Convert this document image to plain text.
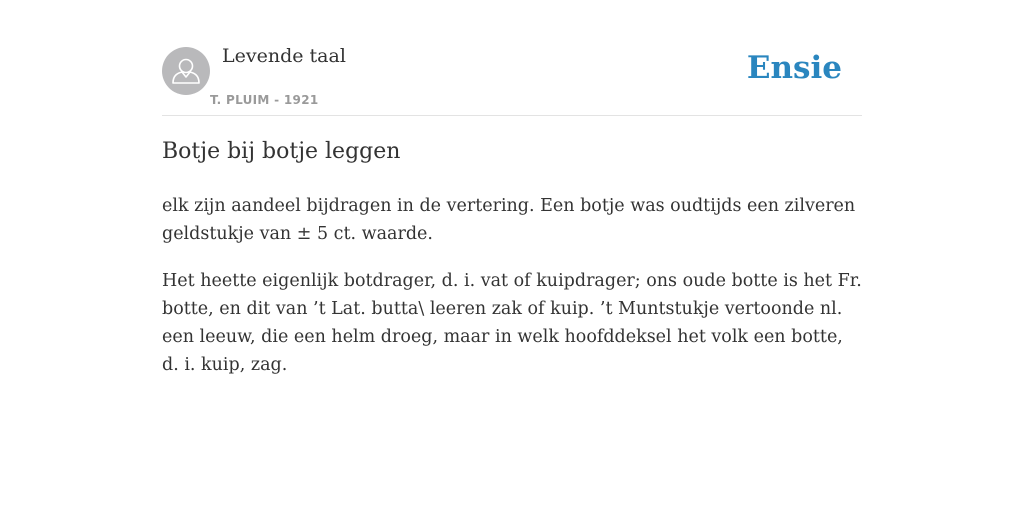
Levende taal
T. PLUIM - 1921
Ensie
Botje bij botje leggen

elk zijn aandeel bijdragen in de vertering. Een botje was oudtijds een zilveren geldstukje van ± 5 ct. waarde.

Het heette eigenlijk botdrager, d. i. vat of kuipdrager; ons oude botte is het Fr. botte, en dit van ’t Lat. butta\ leeren zak of kuip. ’t Muntstukje vertoonde nl. een leeuw, die een helm droeg, maar in welk hoofddeksel het volk een botte, d. i. kuip, zag.
